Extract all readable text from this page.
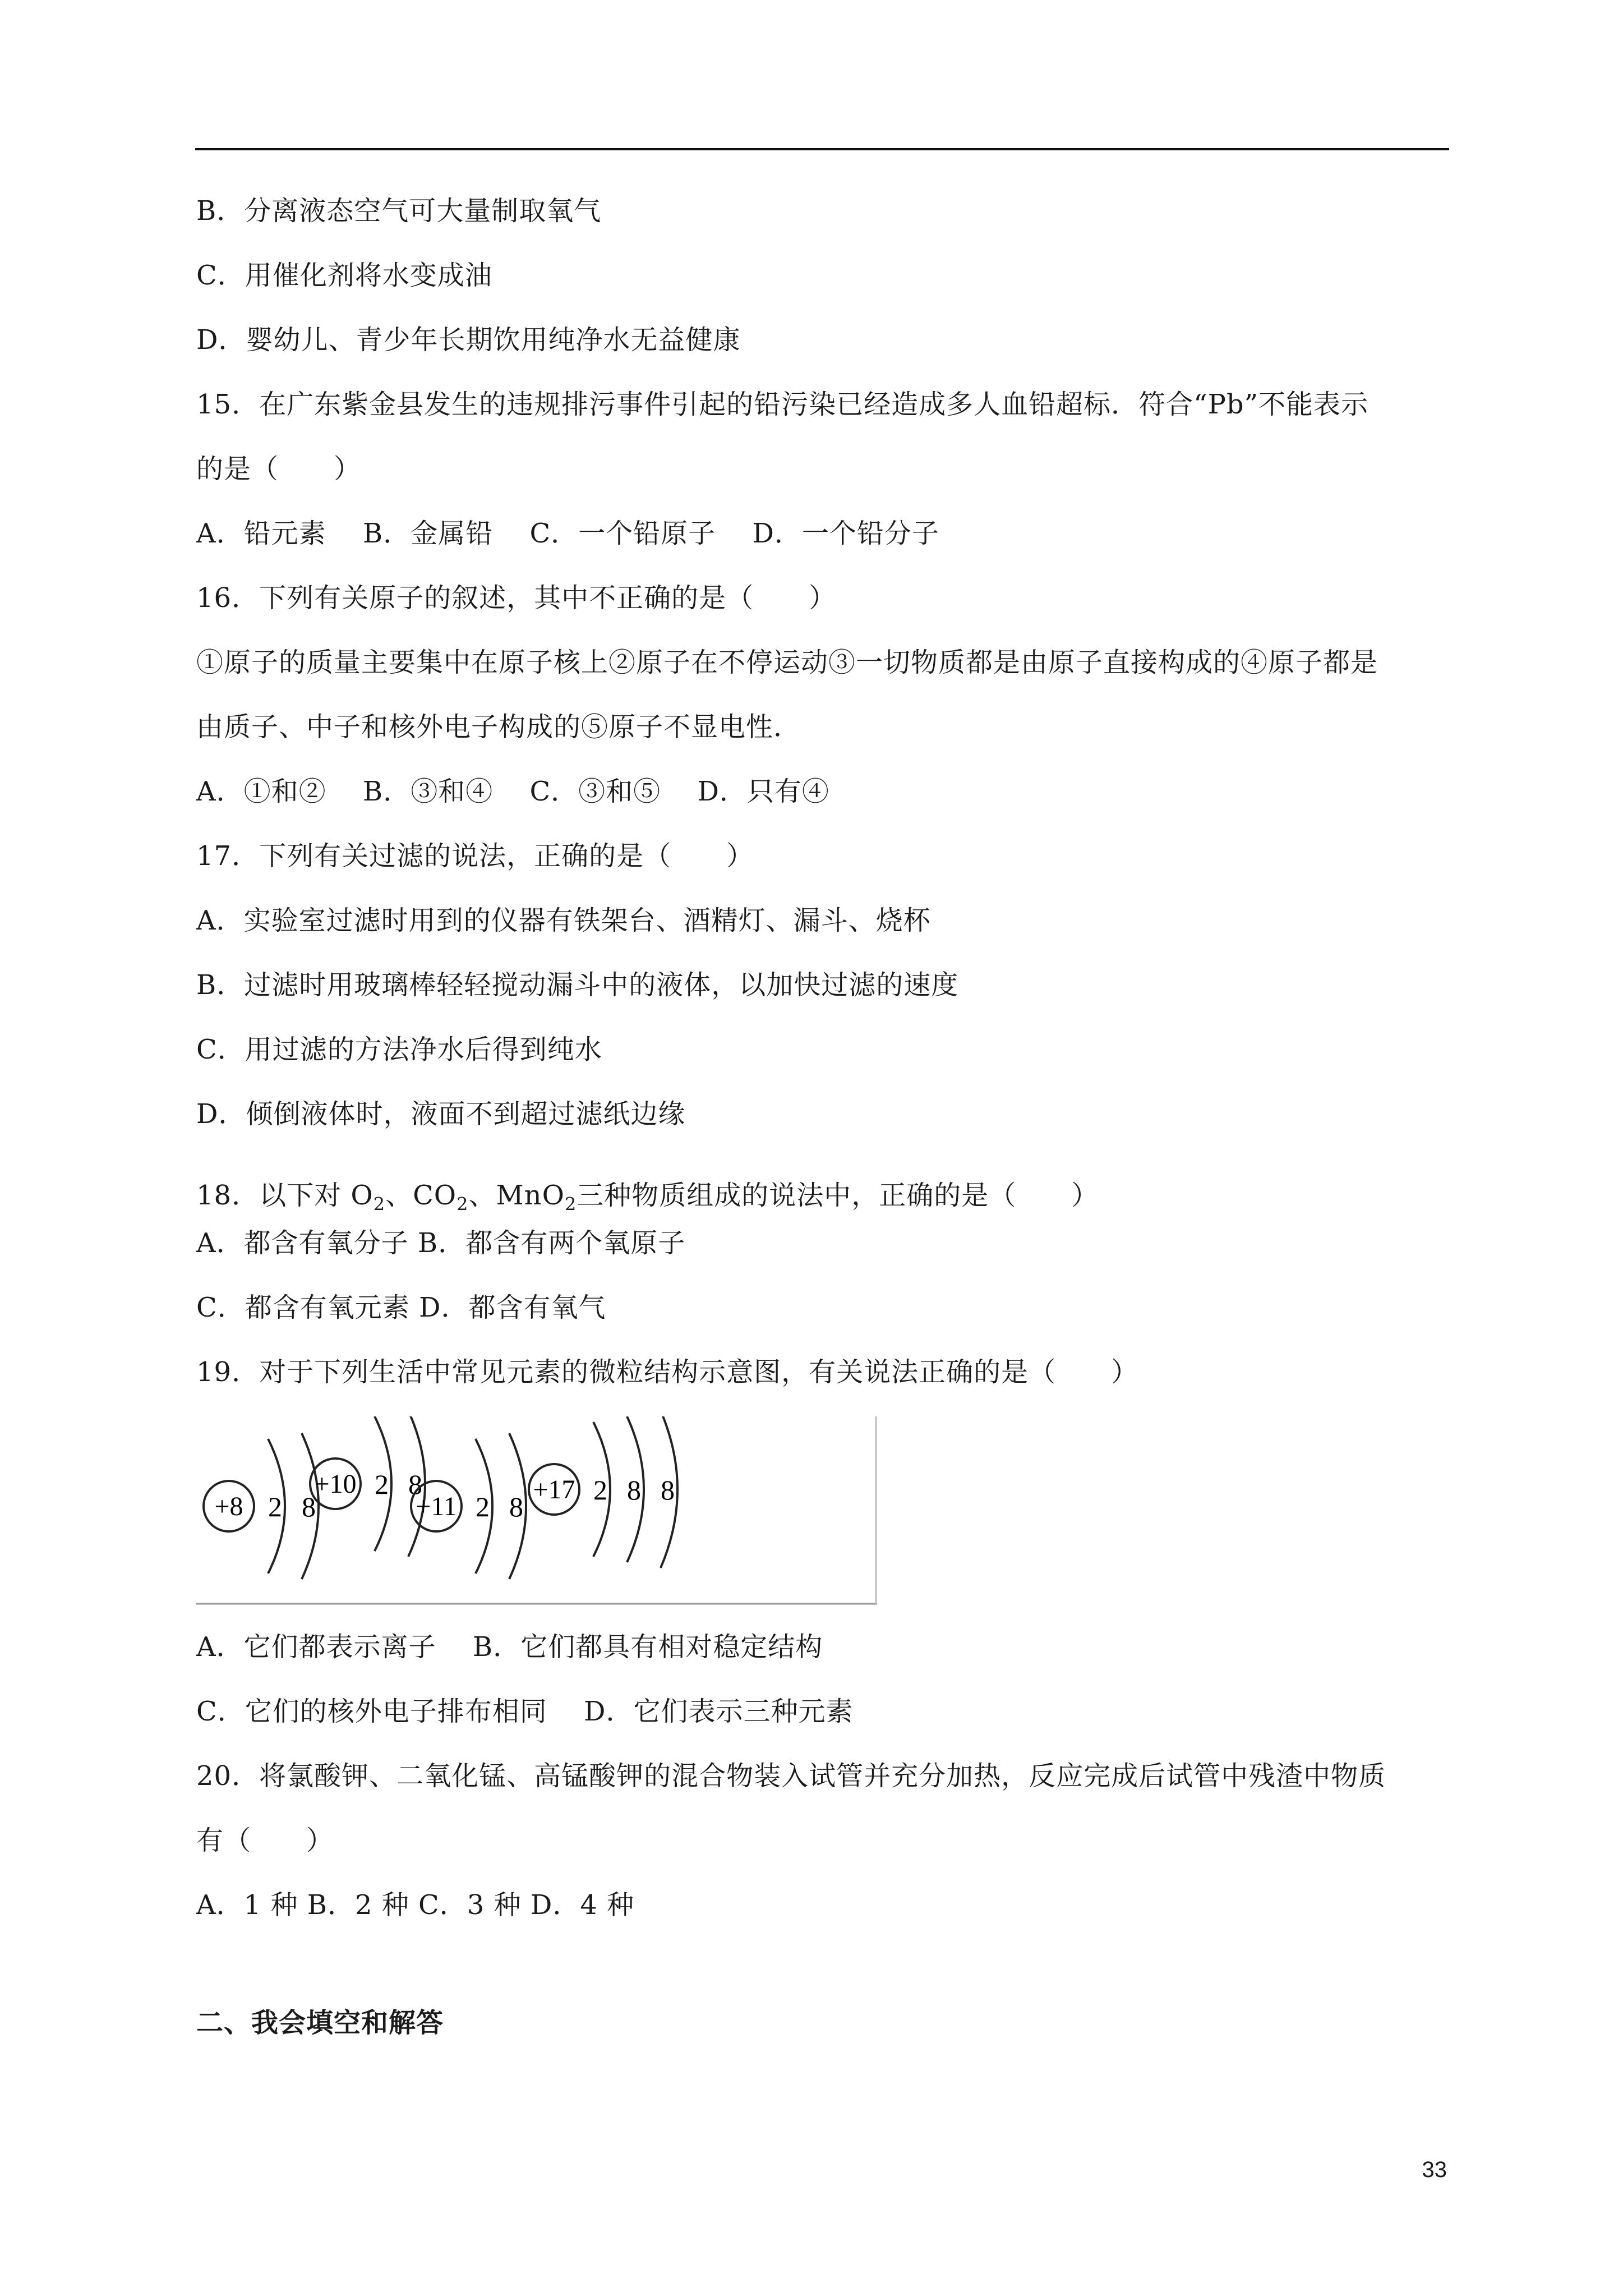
B．分离液态空气可大量制取氧气
C．用催化剂将水变成油
D．婴幼儿、青少年长期饮用纯净水无益健康
15．在广东紫金县发生的违规排污事件引起的铅污染已经造成多人血铅超标．符合“Pb”不能表示
的是（　　）
A．铅元素　 B．金属铅　 C．一个铅原子　 D．一个铅分子
16．下列有关原子的叙述，其中不正确的是（　　）
①原子的质量主要集中在原子核上②原子在不停运动③一切物质都是由原子直接构成的④原子都是
由质子、中子和核外电子构成的⑤原子不显电性．
A．①和②　 B．③和④　 C．③和⑤　 D．只有④
17．下列有关过滤的说法，正确的是（　　）
A．实验室过滤时用到的仪器有铁架台、酒精灯、漏斗、烧杯
B．过滤时用玻璃棒轻轻搅动漏斗中的液体，以加快过滤的速度
C．用过滤的方法净水后得到纯水
D．倾倒液体时，液面不到超过滤纸边缘
18．以下对 $O_2$、$CO_2$、MnO$_2$三种物质组成的说法中，正确的是（　　）
A．都含有氧分子 B．都含有两个氧原子
C．都含有氧元素 D．都含有氧气
19．对于下列生活中常见元素的微粒结构示意图，有关说法正确的是（　　）
A．它们都表示离子　 B．它们都具有相对稳定结构
C．它们的核外电子排布相同　 D．它们表示三种元素
20．将氯酸钾、二氧化锰、高锰酸钾的混合物装入试管并充分加热，反应完成后试管中残渣中物质
有（　　）
A．1 种 B．2 种 C．3 种 D．4 种
+8 2 8
+10 2 8
+11 2 8
+17 2 8 8
33
二、我会填空和解答
